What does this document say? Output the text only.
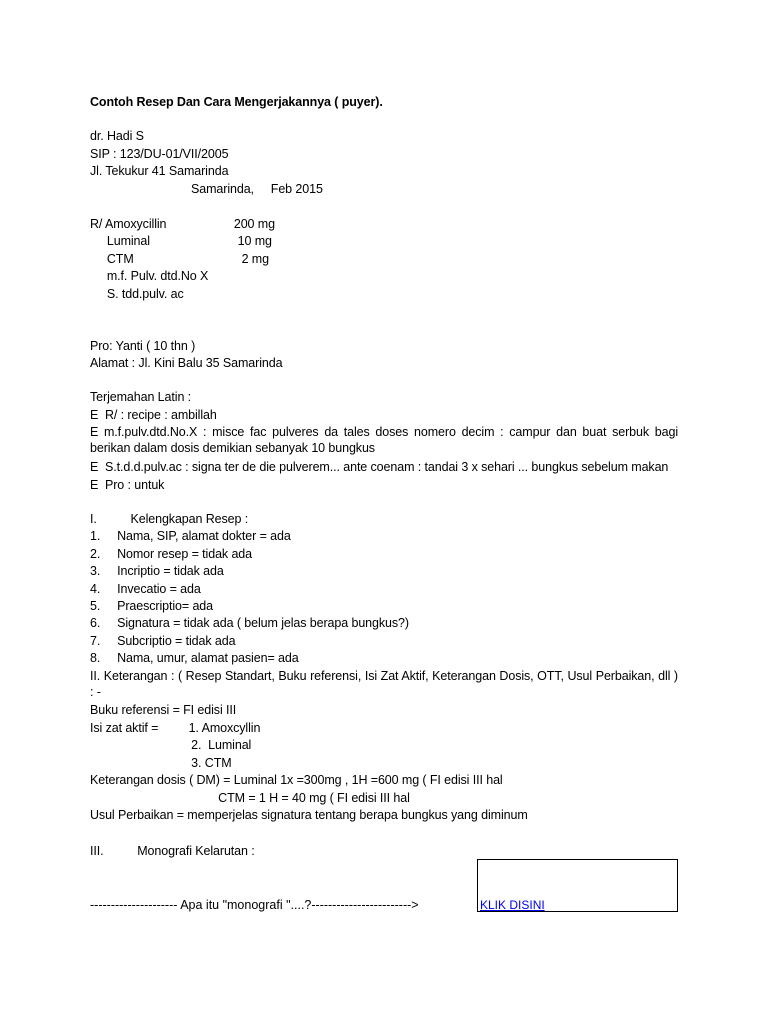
Contoh Resep Dan Cara Mengerjakannya ( puyer).
dr. Hadi S
SIP : 123/DU-01/VII/2005
Jl. Tekukur 41 Samarinda
Samarinda,     Feb 2015
R/ Amoxycillin                    200 mg
Luminal                          10 mg
CTM                                2 mg
m.f. Pulv. dtd.No X
S. tdd.pulv. ac
Pro: Yanti ( 10 thn )
Alamat : Jl. Kini Balu 35 Samarinda
Terjemahan Latin :
E  R/ : recipe : ambillah
E m.f.pulv.dtd.No.X : misce fac pulveres da tales doses nomero decim : campur dan buat serbuk bagi berikan dalam dosis demikian sebanyak 10 bungkus
E  S.t.d.d.pulv.ac : signa ter de die pulverem... ante coenam : tandai 3 x sehari ... bungkus sebelum makan
E  Pro : untuk
I.          Kelengkapan Resep :
1.     Nama, SIP, alamat dokter = ada
2.     Nomor resep = tidak ada
3.     Incriptio = tidak ada
4.     Invecatio = ada
5.     Praescriptio= ada
6.     Signatura = tidak ada ( belum jelas berapa bungkus?)
7.     Subcriptio = tidak ada
8.     Nama, umur, alamat pasien= ada
II. Keterangan : ( Resep Standart, Buku referensi, Isi Zat Aktif, Keterangan Dosis, OTT, Usul Perbaikan, dll ) : -
Buku referensi = FI edisi III
Isi zat aktif =         1. Amoxcyllin
2.  Luminal
3. CTM
Keterangan dosis ( DM) = Luminal 1x =300mg , 1H =600 mg ( FI edisi III hal
CTM = 1 H = 40 mg ( FI edisi III hal
Usul Perbaikan = memperjelas signatura tentang berapa bungkus yang diminum
III.          Monografi Kelarutan :
--------------------- Apa itu "monografi "....?------------------------>	KLIK DISINI
